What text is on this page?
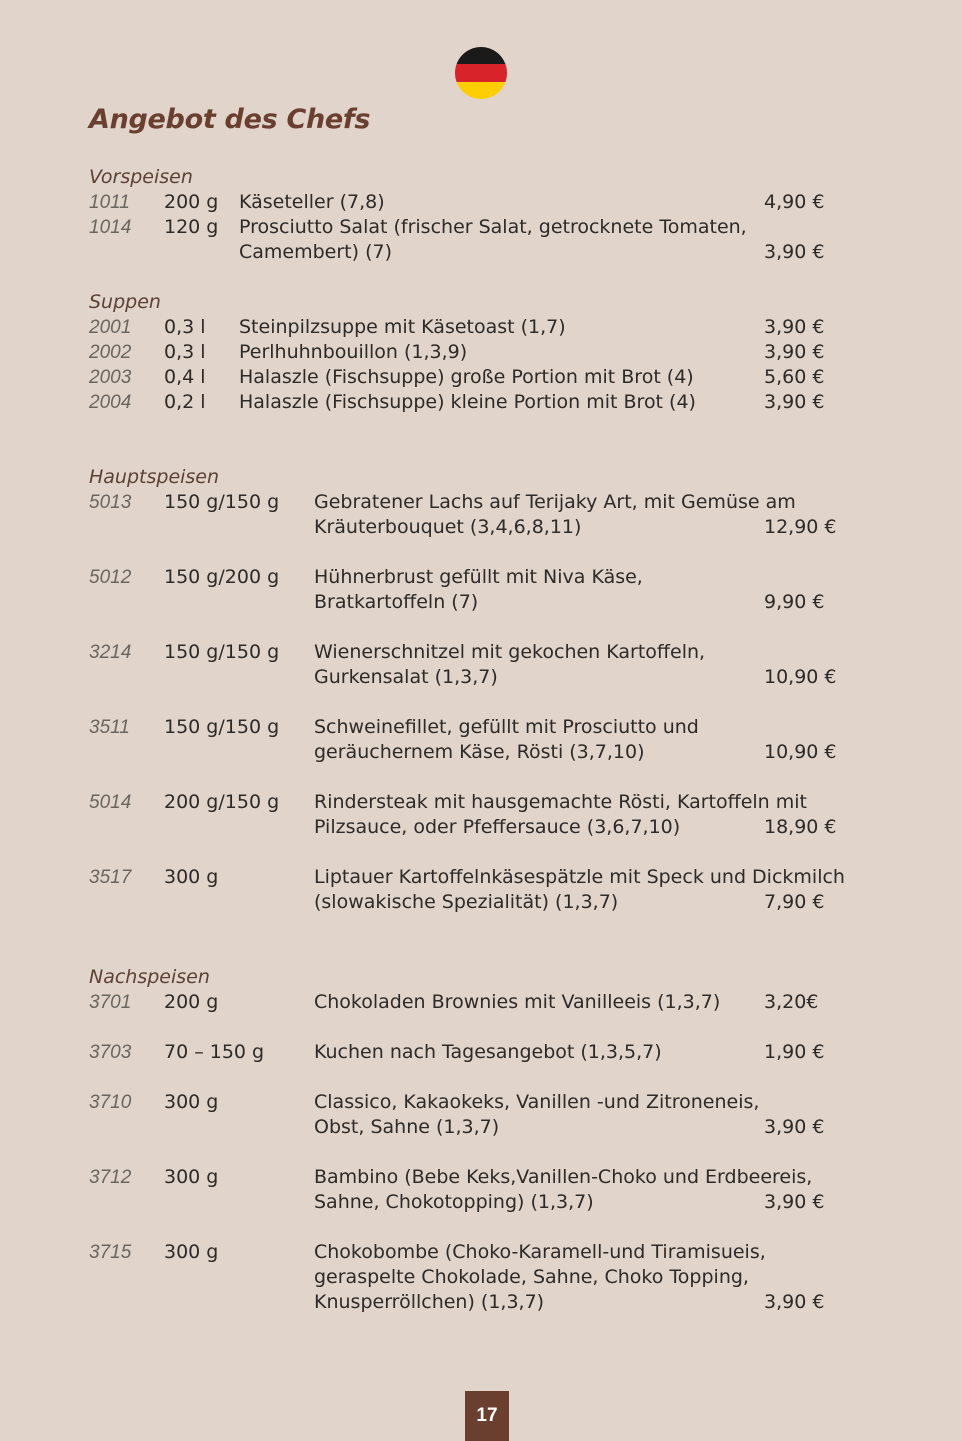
Angebot des Chefs
Vorspeisen
1011 200 g Käseteller (7,8)	4,90 €
1014 120 g Prosciutto Salat (frischer Salat, getrocknete Tomaten,
Camembert) (7)	3,90 €
Suppen
2001 0,3 l Steinpilzsuppe mit Käsetoast (1,7)	3,90 €
2002 0,3 l Perlhuhnbouillon (1,3,9)	3,90 €
2003 0,4 l Halaszle (Fischsuppe) große Portion mit Brot (4)	5,60 €
2004 0,2 l Halaszle (Fischsuppe) kleine Portion mit Brot (4)	3,90 €
Hauptspeisen
5013 150 g/150 g Gebratener Lachs auf Terijaky Art, mit Gemüse am
Kräuterbouquet (3,4,6,8,11)	12,90 €
5012 150 g/200 g Hühnerbrust gefüllt mit Niva Käse,
Bratkartoffeln (7)	9,90 €
3214 150 g/150 g Wienerschnitzel mit gekochen Kartoffeln,
Gurkensalat (1,3,7)	10,90 €
3511 150 g/150 g Schweinefillet, gefüllt mit Prosciutto und
geräuchernem Käse, Rösti (3,7,10)	10,90 €
5014 200 g/150 g Rindersteak mit hausgemachte Rösti, Kartoffeln mit
Pilzsauce, oder Pfeffersauce (3,6,7,10)	18,90 €
3517 300 g	Liptauer Kartoffelnkäsespätzle mit Speck und Dickmilch
(slowakische Spezialität) (1,3,7)	7,90 €
Nachspeisen
3701 200 g	Chokoladen Brownies mit Vanilleeis (1,3,7) 3,20€
3703 70 – 150 g	Kuchen nach Tagesangebot (1,3,5,7)	1,90 €
3710 300 g	Classico, Kakaokeks, Vanillen -und Zitroneneis,
Obst, Sahne (1,3,7)	3,90 €
3712 300 g	Bambino (Bebe Keks,Vanillen-Choko und Erdbeereis,
Sahne, Chokotopping) (1,3,7)	3,90 €
3715 300 g	Chokobombe (Choko-Karamell-und Tiramisueis,
geraspelte Chokolade, Sahne, Choko Topping,
Knusperröllchen) (1,3,7)	3,90 €
17
